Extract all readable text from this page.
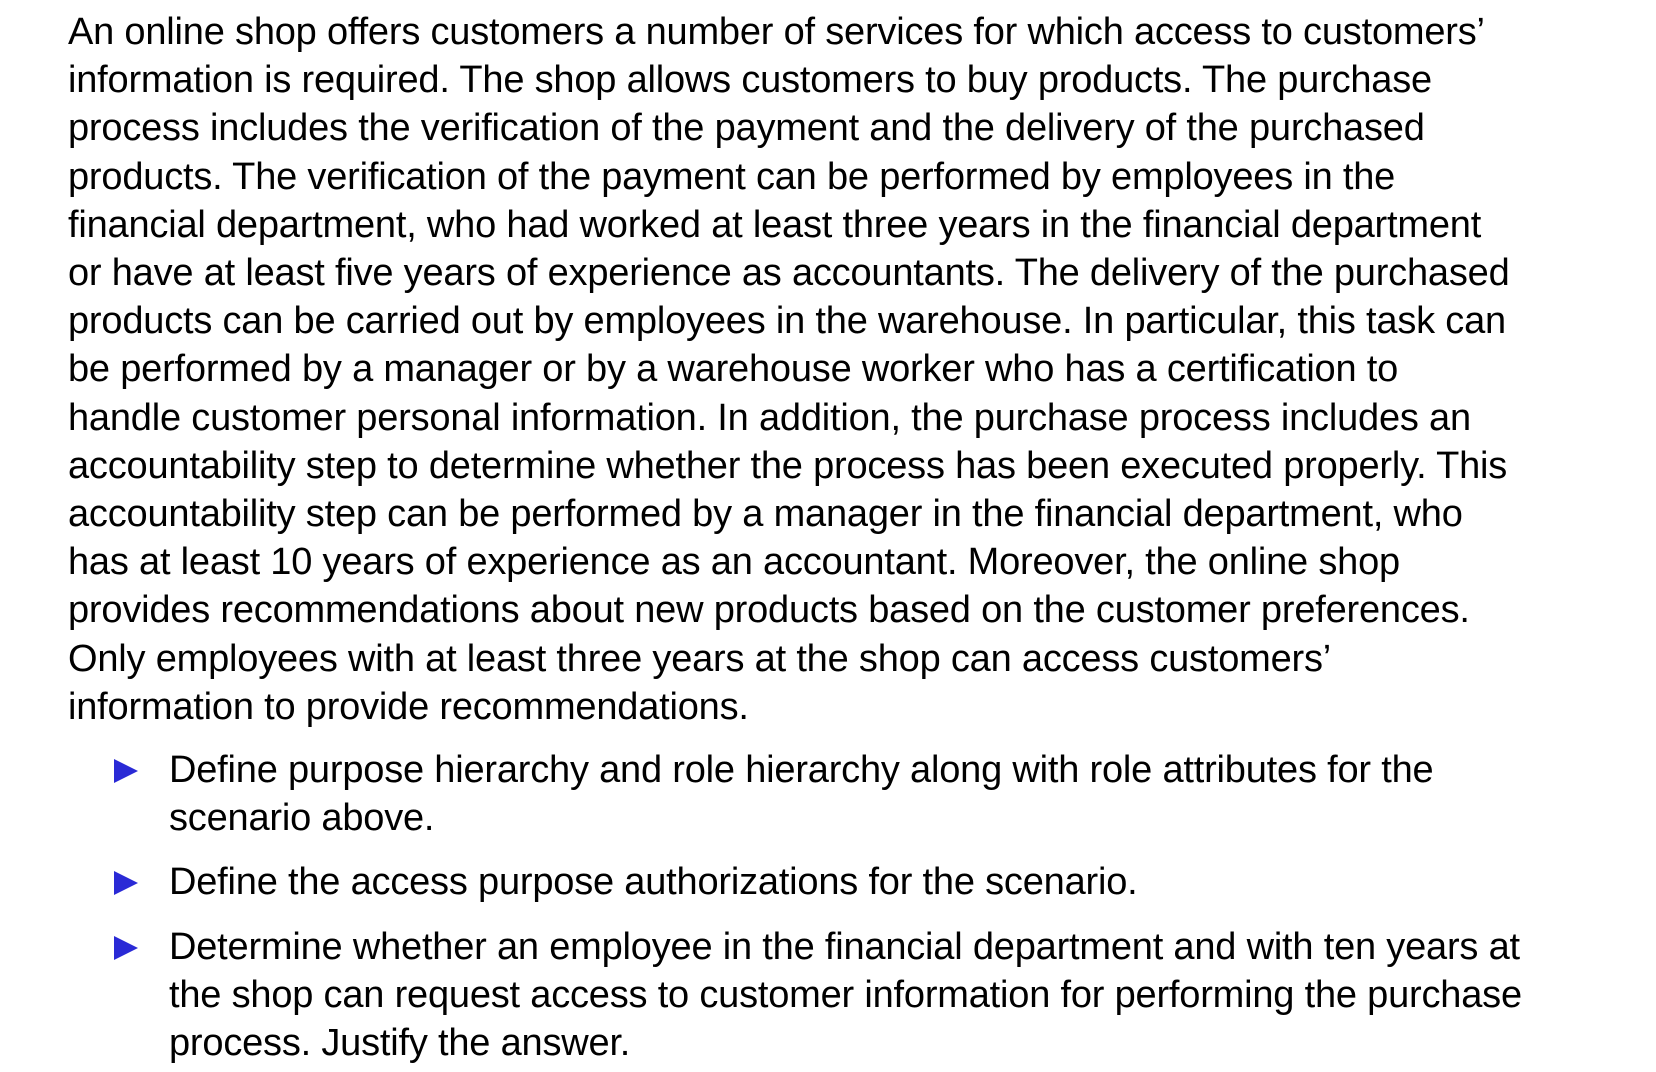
An online shop offers customers a number of services for which access to customers’
information is required. The shop allows customers to buy products. The purchase
process includes the verification of the payment and the delivery of the purchased
products. The verification of the payment can be performed by employees in the
financial department, who had worked at least three years in the financial department
or have at least five years of experience as accountants. The delivery of the purchased
products can be carried out by employees in the warehouse. In particular, this task can
be performed by a manager or by a warehouse worker who has a certification to
handle customer personal information. In addition, the purchase process includes an
accountability step to determine whether the process has been executed properly. This
accountability step can be performed by a manager in the financial department, who
has at least 10 years of experience as an accountant. Moreover, the online shop
provides recommendations about new products based on the customer preferences.
Only employees with at least three years at the shop can access customers’
information to provide recommendations.

Define purpose hierarchy and role hierarchy along with role attributes for the
scenario above.
Define the access purpose authorizations for the scenario.
Determine whether an employee in the financial department and with ten years at
the shop can request access to customer information for performing the purchase
process. Justify the answer.
